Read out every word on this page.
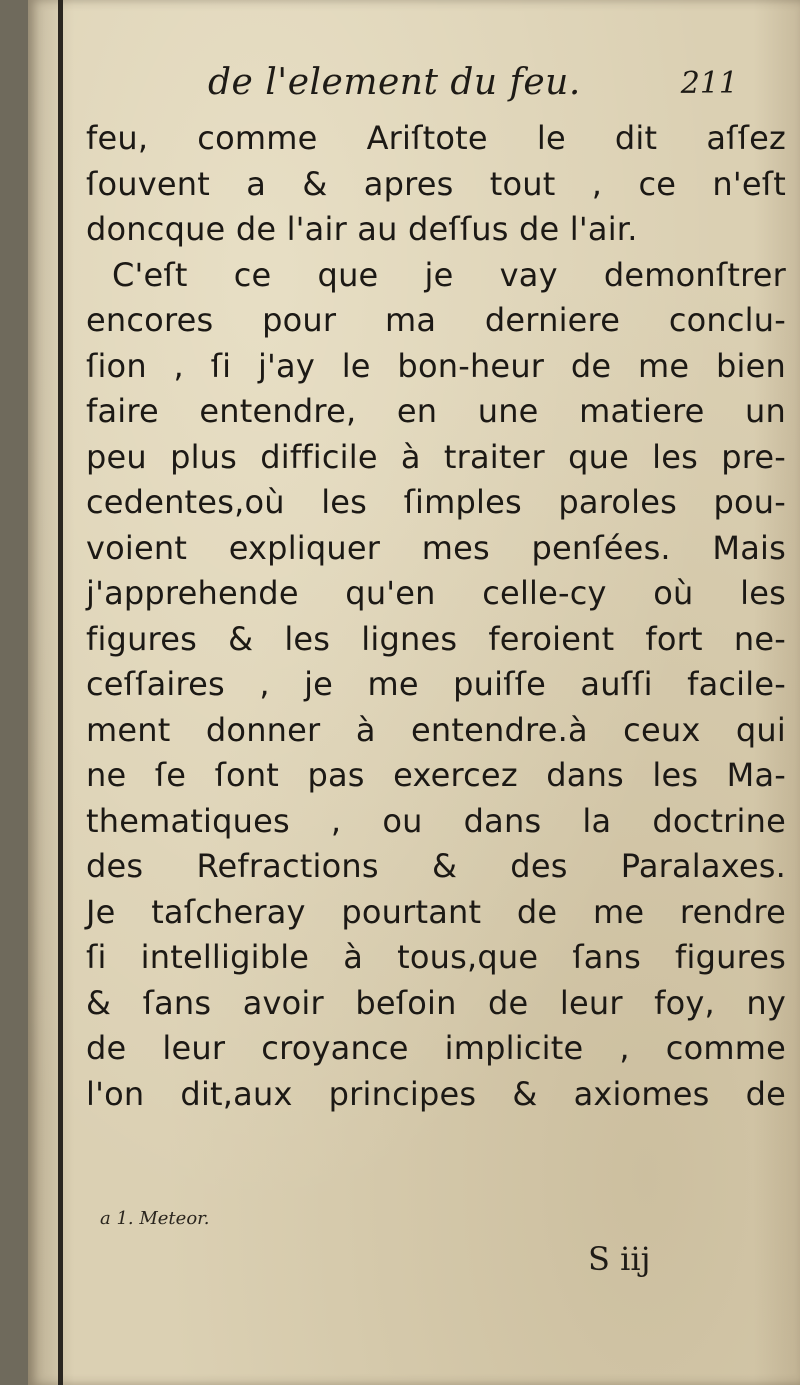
de l'element du feu.	211
feu, comme Ariſtote le dit aſſez
ſouvent a & apres tout , ce n'eſt
doncque de l'air au deſſus de l'air.
C'eſt ce que je vay demonſtrer
encores pour ma derniere conclu-
ſion , ſi j'ay le bon-heur de me bien
faire entendre, en une matiere un
peu plus difficile à traiter que les pre-
cedentes,où les ſimples paroles pou-
voient expliquer mes penſées. Mais
j'apprehende qu'en celle-cy où les
figures & les lignes feroient fort ne-
ceſſaires , je me puiſſe auſſi facile-
ment donner à entendre.à ceux qui
ne ſe ſont pas exercez dans les Ma-
thematiques , ou dans la doctrine
des Refractions & des Paralaxes.
Je taſcheray pourtant de me rendre
ſi intelligible à tous,que ſans figures
& ſans avoir beſoin de leur foy, ny
de leur croyance implicite , comme
l'on dit,aux principes & axiomes de
a 1. Meteor.
S iij
